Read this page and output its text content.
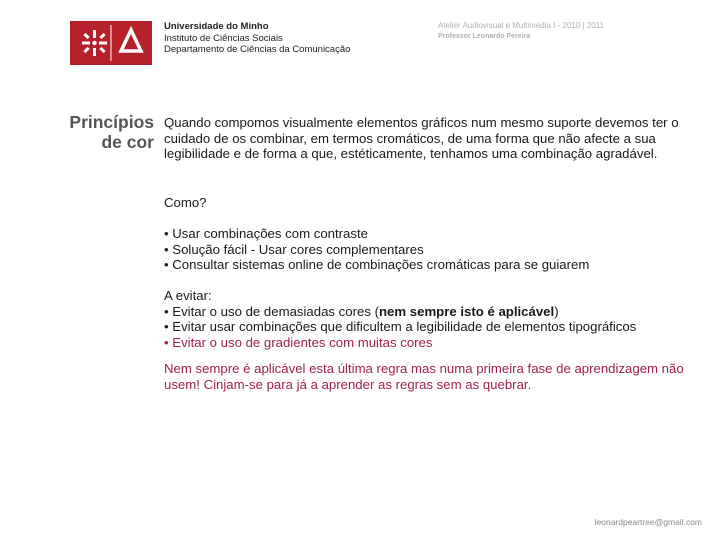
Universidade do Minho
Instituto de Ciências Sociais
Departamento de Ciências da Comunicação
Atelier Audiovisual e Multimédia I - 2010 | 2011
Professor Leonardo Pereira
Princípios
de cor
Quando compomos visualmente elementos gráficos num mesmo suporte devemos ter o
cuidado de os combinar, em termos cromáticos, de uma forma que não afecte a sua
legibilidade e de forma a que, estéticamente, tenhamos uma combinação agradável.
Como?
• Usar combinações com contraste
• Solução fácil - Usar cores complementares
• Consultar sistemas online de combinações cromáticas para se guiarem
A evitar:
• Evitar o uso de demasiadas cores (nem sempre isto é aplicável)
• Evitar usar combinações que dificultem a legibilidade de elementos tipográficos
• Evitar o uso de gradientes com muitas cores
Nem sempre é aplicável esta última regra mas numa primeira fase de aprendizagem não
usem! Cinjam-se para já a aprender as regras sem as quebrar.
leonardpeartree@gmail.com
